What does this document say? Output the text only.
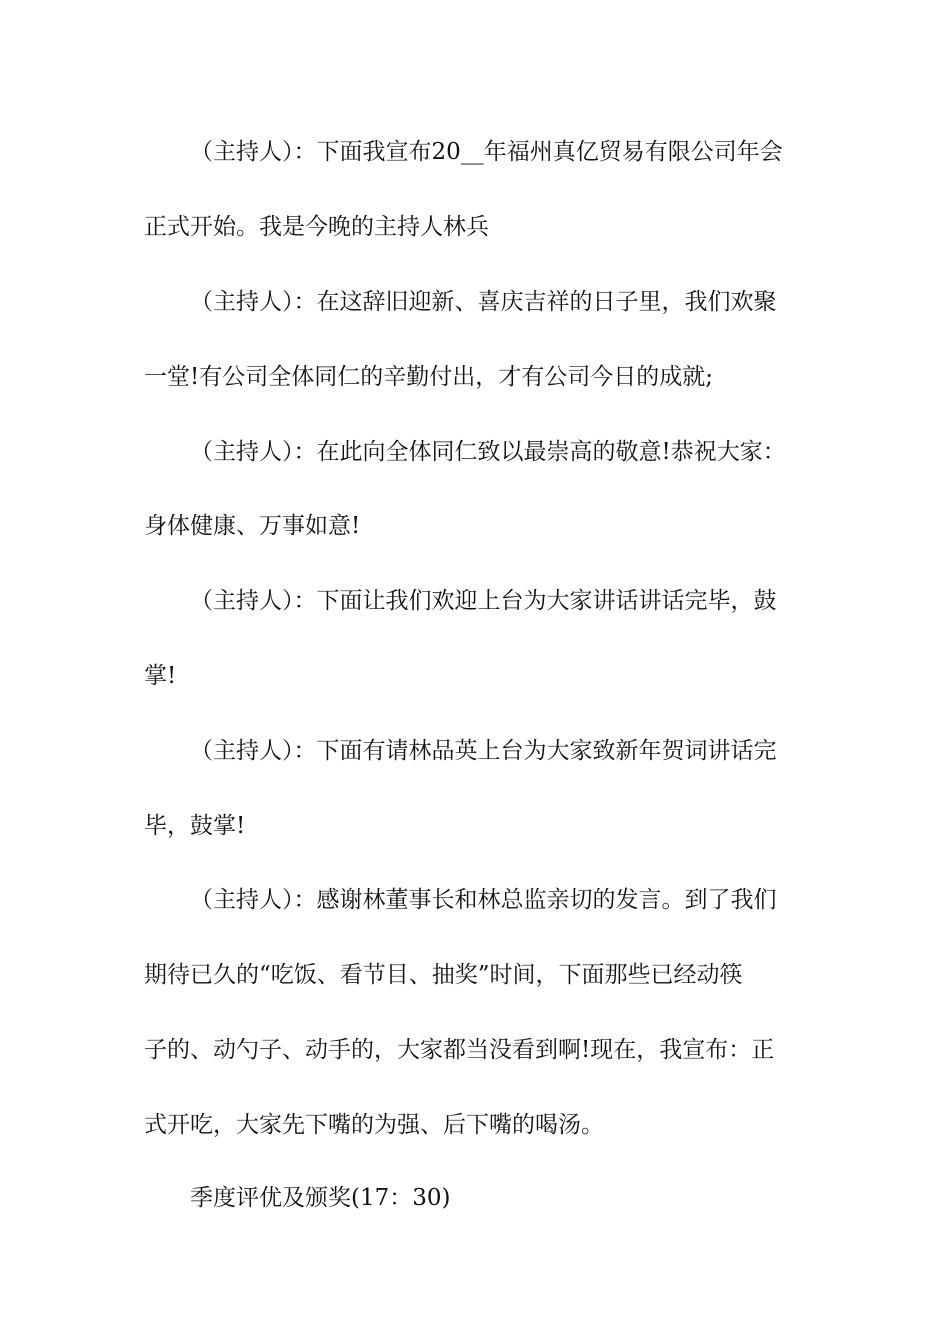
（主持人）：下面我宣布20__年福州真亿贸易有限公司年会
正式开始。我是今晚的主持人林兵
（主持人）：在这辞旧迎新、喜庆吉祥的日子里，我们欢聚
一堂!有公司全体同仁的辛勤付出，才有公司今日的成就;
（主持人）：在此向全体同仁致以最崇高的敬意!恭祝大家：
身体健康、万事如意!
（主持人）：下面让我们欢迎上台为大家讲话讲话完毕，鼓
掌!
（主持人）：下面有请林品英上台为大家致新年贺词讲话完
毕，鼓掌!
（主持人）：感谢林董事长和林总监亲切的发言。到了我们
期待已久的“吃饭、看节目、抽奖”时间，下面那些已经动筷
子的、动勺子、动手的，大家都当没看到啊!现在，我宣布：正
式开吃，大家先下嘴的为强、后下嘴的喝汤。
季度评优及颁奖(17：30)
